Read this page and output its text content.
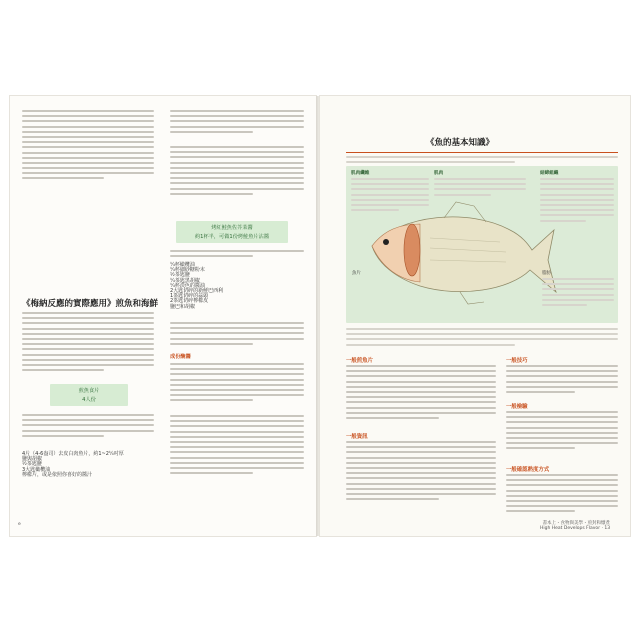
《梅納反應的實際應用》煎魚和海鮮
煎魚食片
4人份
4片（4-6盎司）去皮白肉魚片，約1~2¼吋厚
鹽與胡椒
½茶匙鹽
3大匙橄欖油
檸檬片，或是依照你喜好的醬汁
烤紅鮭魚佐芥茉醬
約1杯半，可做1份烤鮭魚片沾醬
¼杯橄欖油
¼杯細砂糖粉末
½茶匙鹽
¼茶匙黑胡椒
¼杯淡色的醬油
2大匙切碎的新鮮巴西利
1茶匙切碎的蒜頭
2茶匙切碎檸檬皮
鹽巴和胡椒
成份醃醬
e
《魚的基本知識》
肌肉纖維	肌肉	結締組織
魚片	脂肪
一般煎魚片
一般資訊
一般技巧
一般檢驗
一般確認熟度方式
書本上・食物與美學・煎封和燉煮
High Heat Develops Flavor · 13
